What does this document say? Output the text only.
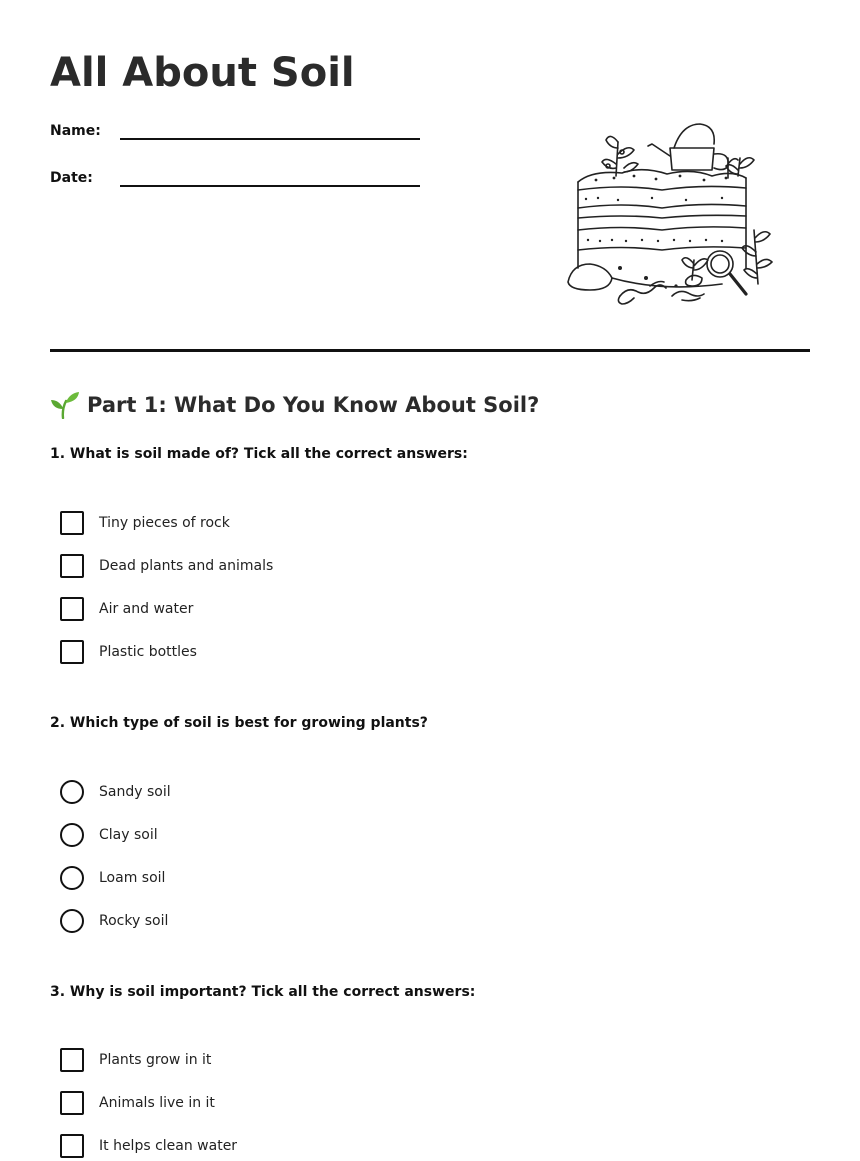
All About Soil
Name:
Date:
Part 1: What Do You Know About Soil?
1. What is soil made of? Tick all the correct answers:
Tiny pieces of rock
Dead plants and animals
Air and water
Plastic bottles
2. Which type of soil is best for growing plants?
Sandy soil
Clay soil
Loam soil
Rocky soil
3. Why is soil important? Tick all the correct answers:
Plants grow in it
Animals live in it
It helps clean water
